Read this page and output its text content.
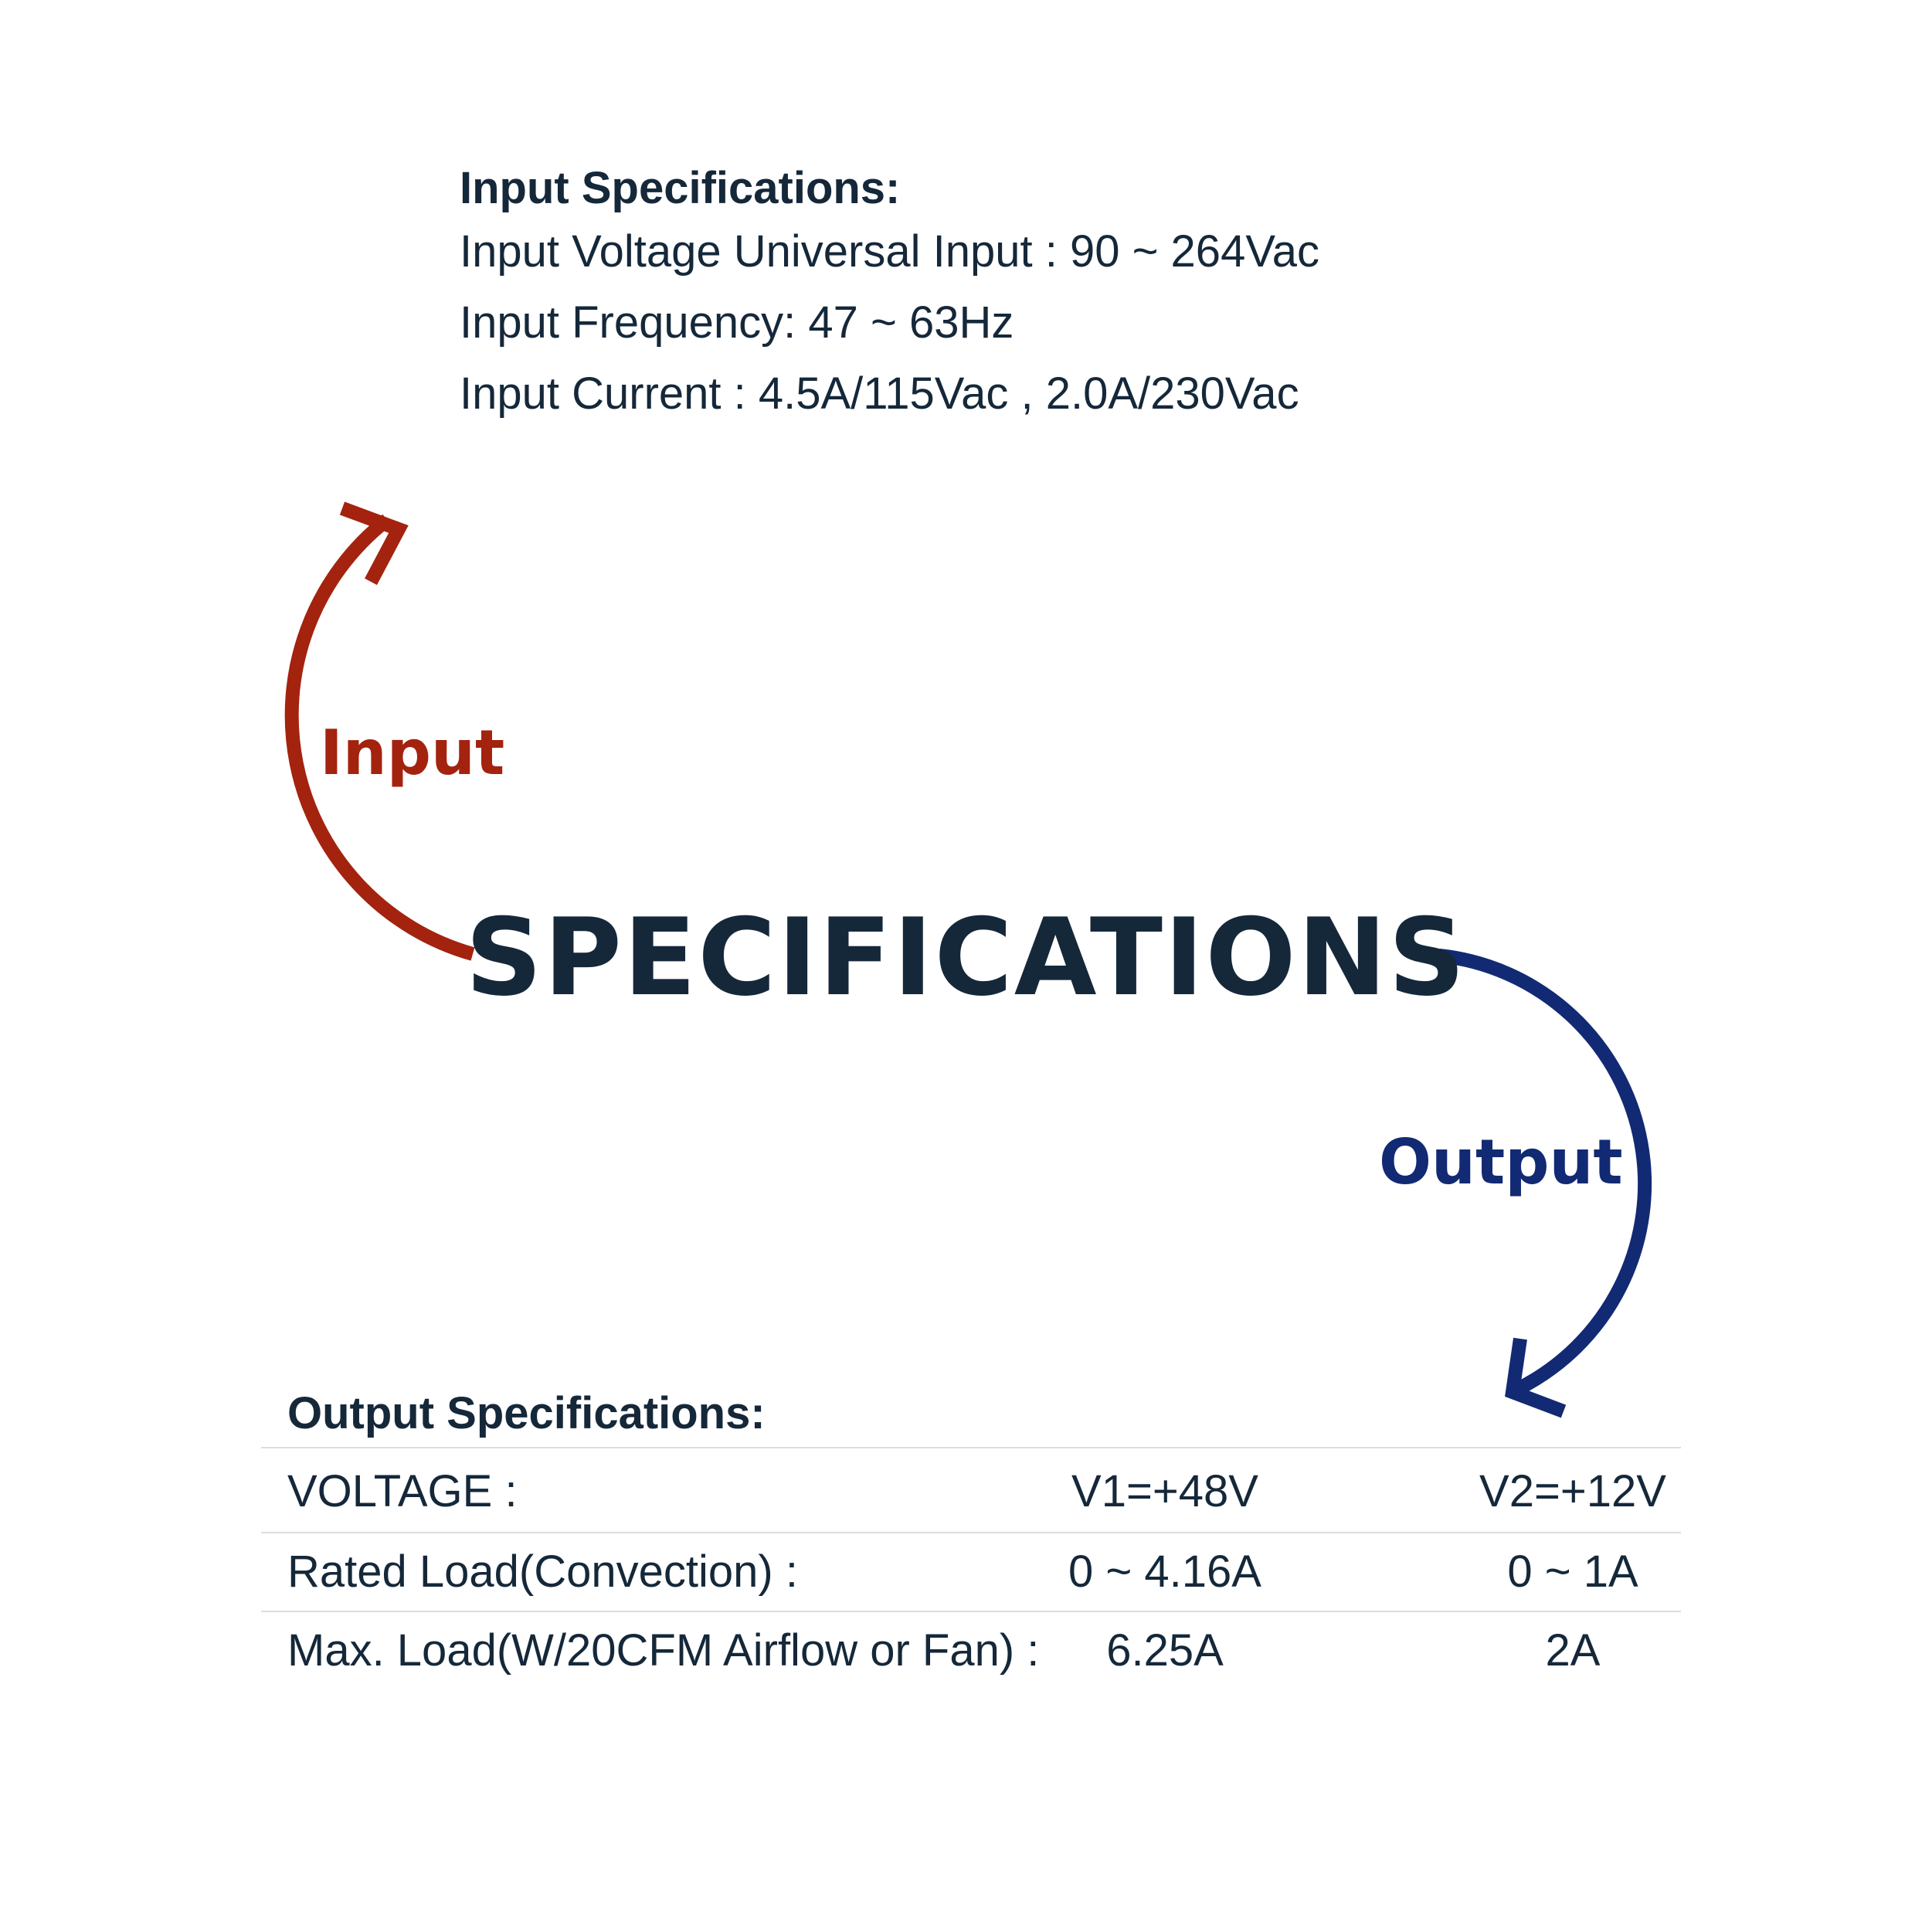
Input Specifications:
Input Voltage Universal Input : 90 ~ 264Vac
Input Frequency: 47 ~ 63Hz
Input Current : 4.5A/115Vac , 2.0A/230Vac
Input
SPECIFICATIONS
Output
Output Specifications:
VOLTAGE :	V1=+48V	V2=+12V
Rated Load(Convection) :	0 ~ 4.16A	0 ~ 1A
Max. Load(W/20CFM Airflow or Fan) :	6.25A	2A
